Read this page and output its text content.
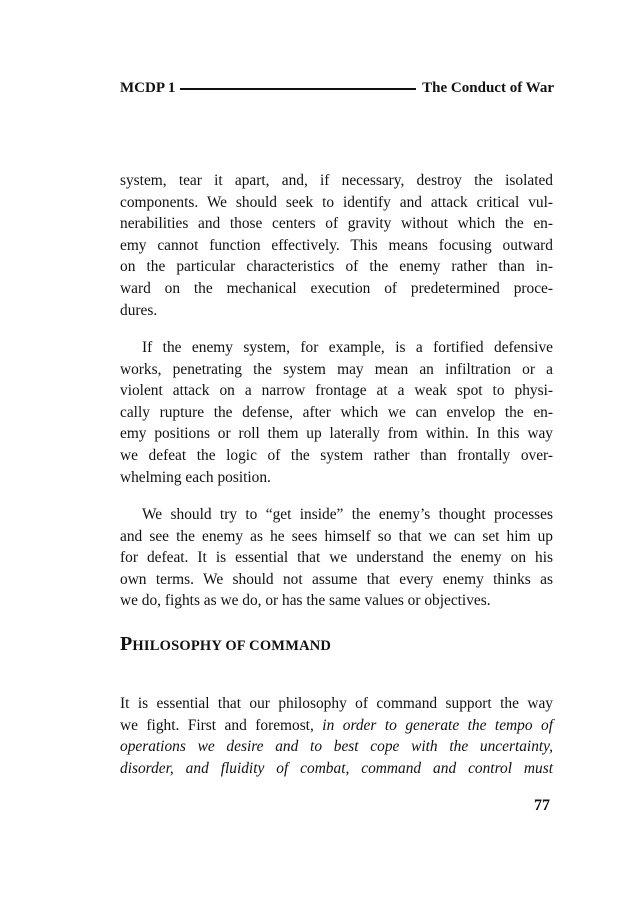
MCDP 1	The Conduct of War
system, tear it apart, and, if necessary, destroy the isolated
components. We should seek to identify and attack critical vul-
nerabilities and those centers of gravity without which the en-
emy cannot function effectively. This means focusing outward
on the particular characteristics of the enemy rather than in-
ward on the mechanical execution of predetermined proce-
dures.
If the enemy system, for example, is a fortified defensive
works, penetrating the system may mean an infiltration or a
violent attack on a narrow frontage at a weak spot to physi-
cally rupture the defense, after which we can envelop the en-
emy positions or roll them up laterally from within. In this way
we defeat the logic of the system rather than frontally over-
whelming each position.
We should try to “get inside” the enemy’s thought processes
and see the enemy as he sees himself so that we can set him up
for defeat. It is essential that we understand the enemy on his
own terms. We should not assume that every enemy thinks as
we do, fights as we do, or has the same values or objectives.
PHILOSOPHY OF COMMAND
It is essential that our philosophy of command support the way
we fight. First and foremost, in order to generate the tempo of
operations we desire and to best cope with the uncertainty,
disorder, and fluidity of combat, command and control must
77
